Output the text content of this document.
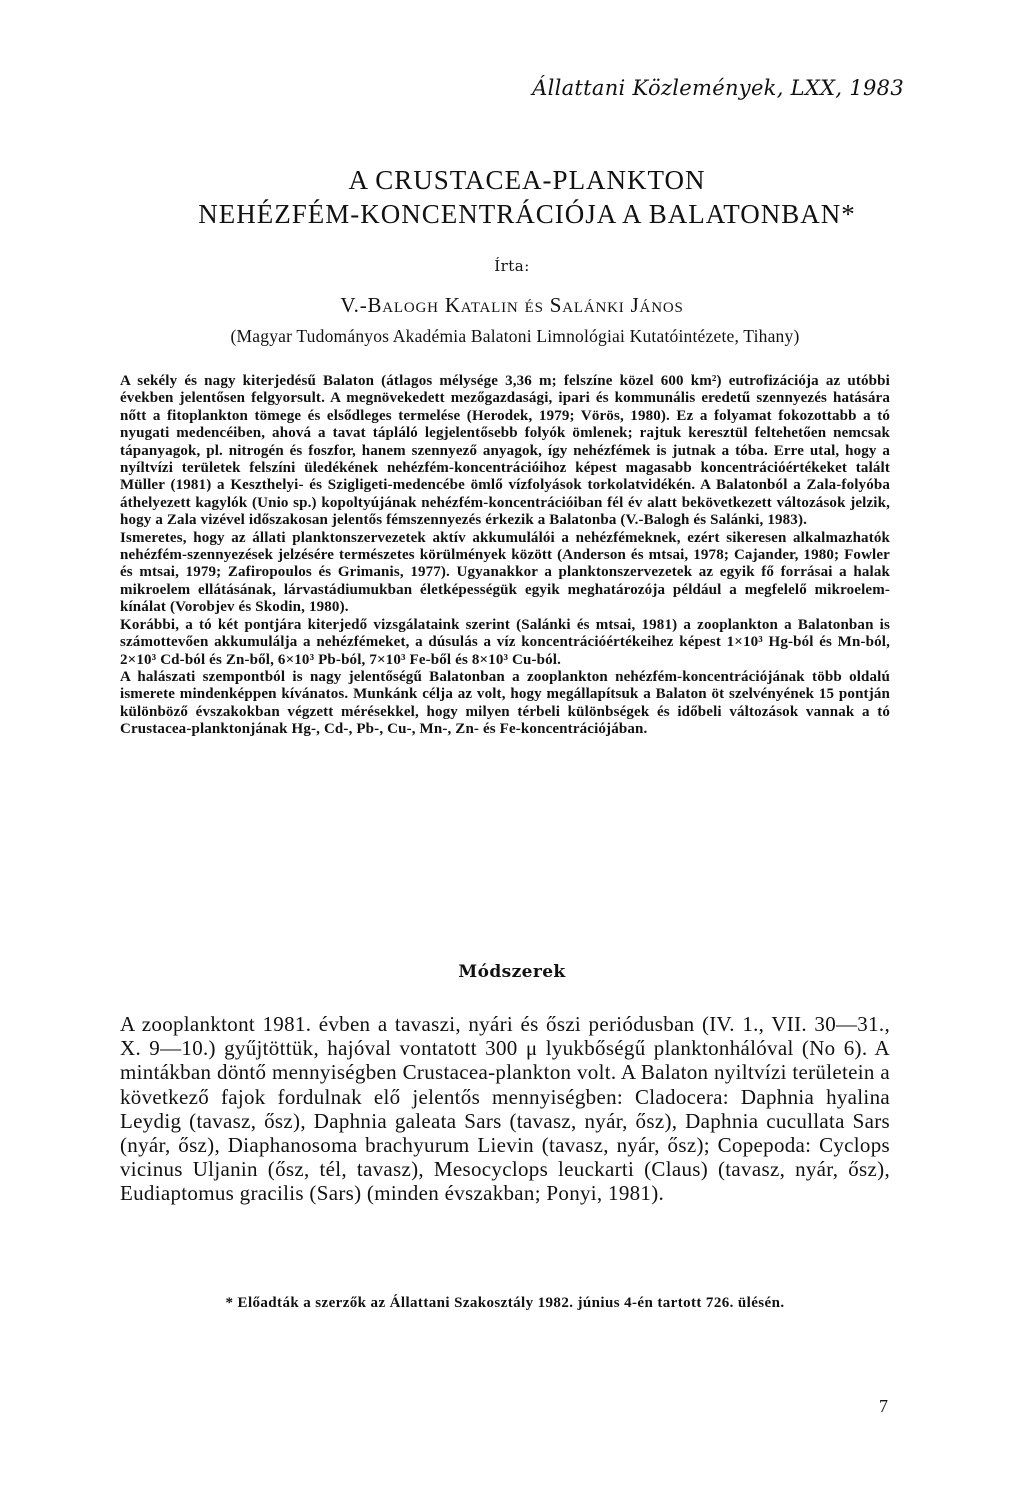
Állattani Közlemények, LXX, 1983
A CRUSTACEA-PLANKTON
NEHÉZFÉM-KONCENTRÁCIÓJA A BALATONBAN*
Írta:
V.-Balogh Katalin és Salánki János
(Magyar Tudományos Akadémia Balatoni Limnológiai Kutatóintézete, Tihany)

A sekély és nagy kiterjedésű Balaton (átlagos mélysége 3,36 m; felszíne közel 600 km²) eutrofizációja az utóbbi években jelentősen felgyorsult. A megnövekedett mezőgazdasági, ipari és kommunális eredetű szennyezés hatására nőtt a fitoplankton tömege és elsődleges termelése (Herodek, 1979; Vörös, 1980). Ez a folyamat fokozottabb a tó nyugati medencéiben, ahová a tavat tápláló legjelentősebb folyók ömlenek; rajtuk keresztül feltehetően nemcsak tápanyagok, pl. nitrogén és foszfor, hanem szennyező anyagok, így nehézfémek is jutnak a tóba. Erre utal, hogy a nyíltvízi területek felszíni üledékének nehézfém-koncentrációihoz képest magasabb koncentrációértékeket talált Müller (1981) a Keszthelyi- és Szigligeti-medencébe ömlő vízfolyások torkolatvidékén. A Balatonból a Zala-folyóba áthelyezett kagylók (Unio sp.) kopoltyújának nehézfém-koncentrációiban fél év alatt bekövetkezett változások jelzik, hogy a Zala vizével időszakosan jelentős fémszennyezés érkezik a Balatonba (V.-Balogh és Salánki, 1983).

Ismeretes, hogy az állati planktonszervezetek aktív akkumulálói a nehézfémeknek, ezért sikeresen alkalmazhatók nehézfém-szennyezések jelzésére természetes körülmények között (Anderson és mtsai, 1978; Cajander, 1980; Fowler és mtsai, 1979; Zafiropoulos és Grimanis, 1977). Ugyanakkor a planktonszervezetek az egyik fő forrásai a halak mikroelem ellátásának, lárvastádiumukban életképességük egyik meghatározója például a megfelelő mikroelem-kínálat (Vorobjev és Skodin, 1980).

Korábbi, a tó két pontjára kiterjedő vizsgálataink szerint (Salánki és mtsai, 1981) a zooplankton a Balatonban is számottevően akkumulálja a nehézfémeket, a dúsulás a víz koncentrációértékeihez képest 1×10³ Hg-ból és Mn-ból, 2×10³ Cd-ból és Zn-ből, 6×10³ Pb-ból, 7×10³ Fe-ből és 8×10³ Cu-ból.

A halászati szempontból is nagy jelentőségű Balatonban a zooplankton nehézfém-koncentrációjának több oldalú ismerete mindenképpen kívánatos. Munkánk célja az volt, hogy megállapítsuk a Balaton öt szelvényének 15 pontján különböző évszakokban végzett mérésekkel, hogy milyen térbeli különbségek és időbeli változások vannak a tó Crustacea-planktonjának Hg-, Cd-, Pb-, Cu-, Mn-, Zn- és Fe-koncentrációjában.

Módszerek

A zooplanktont 1981. évben a tavaszi, nyári és őszi periódusban (IV. 1., VII. 30—31., X. 9—10.) gyűjtöttük, hajóval vontatott 300 μ lyukbőségű planktonhálóval (No 6). A mintákban döntő mennyiségben Crustacea-plankton volt. A Balaton nyiltvízi területein a következő fajok fordulnak elő jelentős mennyiségben: Cladocera: Daphnia hyalina Leydig (tavasz, ősz), Daphnia galeata Sars (tavasz, nyár, ősz), Daphnia cucullata Sars (nyár, ősz), Diaphanosoma brachyurum Lievin (tavasz, nyár, ősz); Copepoda: Cyclops vicinus Uljanin (ősz, tél, tavasz), Mesocyclops leuckarti (Claus) (tavasz, nyár, ősz), Eudiaptomus gracilis (Sars) (minden évszakban; Ponyi, 1981).

* Előadták a szerzők az Állattani Szakosztály 1982. június 4-én tartott 726. ülésén.
7
